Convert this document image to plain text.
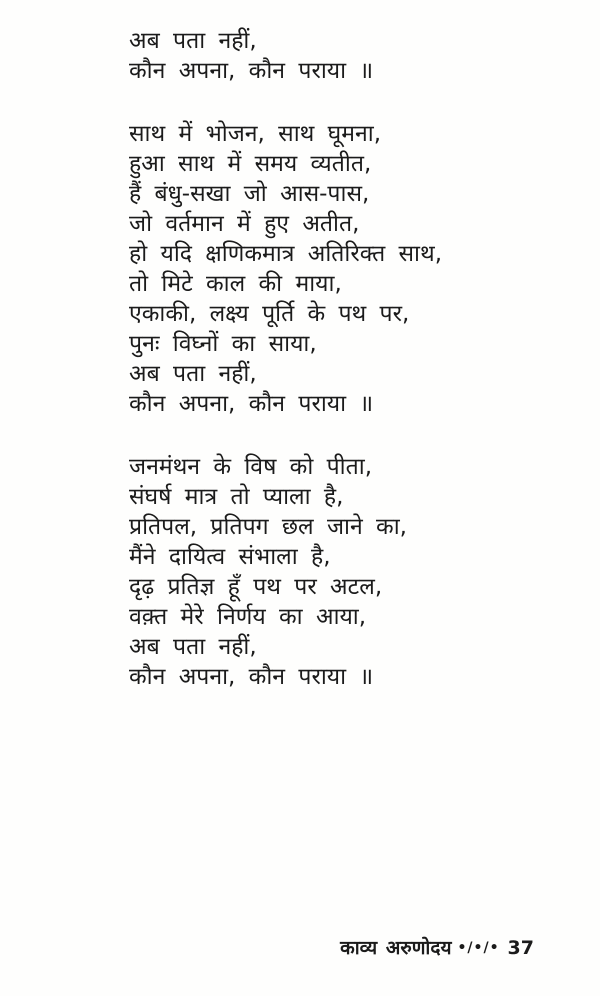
अब पता नहीं,
कौन अपना, कौन पराया ॥
साथ में भोजन, साथ घूमना,
हुआ साथ में समय व्यतीत,
हैं बंधु-सखा जो आस-पास,
जो वर्तमान में हुए अतीत,
हो यदि क्षणिकमात्र अतिरिक्त साथ,
तो मिटे काल की माया,
एकाकी, लक्ष्य पूर्ति के पथ पर,
पुनः विघ्नों का साया,
अब पता नहीं,
कौन अपना, कौन पराया ॥
जनमंथन के विष को पीता,
संघर्ष मात्र तो प्याला है,
प्रतिपल, प्रतिपग छल जाने का,
मैंने दायित्व संभाला है,
दृढ़ प्रतिज्ञ हूँ पथ पर अटल,
वक़्त मेरे निर्णय का आया,
अब पता नहीं,
कौन अपना, कौन पराया ॥
काव्य अरुणोदय •/•/• 37
